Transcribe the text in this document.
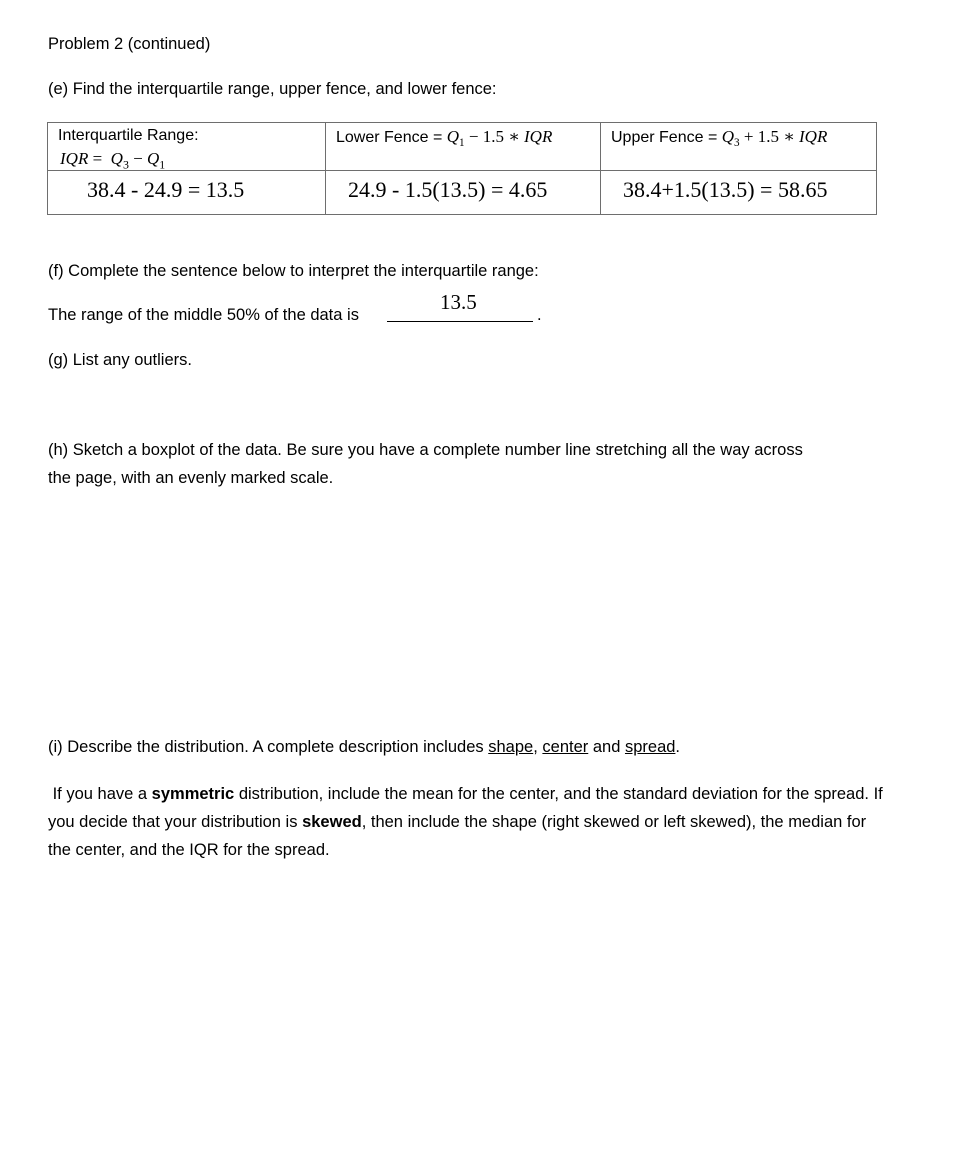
Problem 2 (continued)
(e) Find the interquartile range, upper fence, and lower fence:
Interquartile Range:
IQR =  $Q_3 - Q_1$	Lower Fence = $Q_1 - 1.5$ ∗ IQR	Upper Fence = $Q_3 + 1.5$ ∗ IQR

38.4 - 24.9 = 13.5	24.9 - 1.5(13.5) = 4.65	38.4+1.5(13.5) = 58.65
(f) Complete the sentence below to interpret the interquartile range:
The range of the middle 50% of the data is
13.5
.
(g) List any outliers.
(h) Sketch a boxplot of the data. Be sure you have a complete number line stretching all the way across
the page, with an evenly marked scale.
(i) Describe the distribution. A complete description includes shape, center and spread.
If you have a symmetric distribution, include the mean for the center, and the standard deviation for the spread. If you decide that your distribution is skewed, then include the shape (right skewed or left skewed), the median for the center, and the IQR for the spread.
